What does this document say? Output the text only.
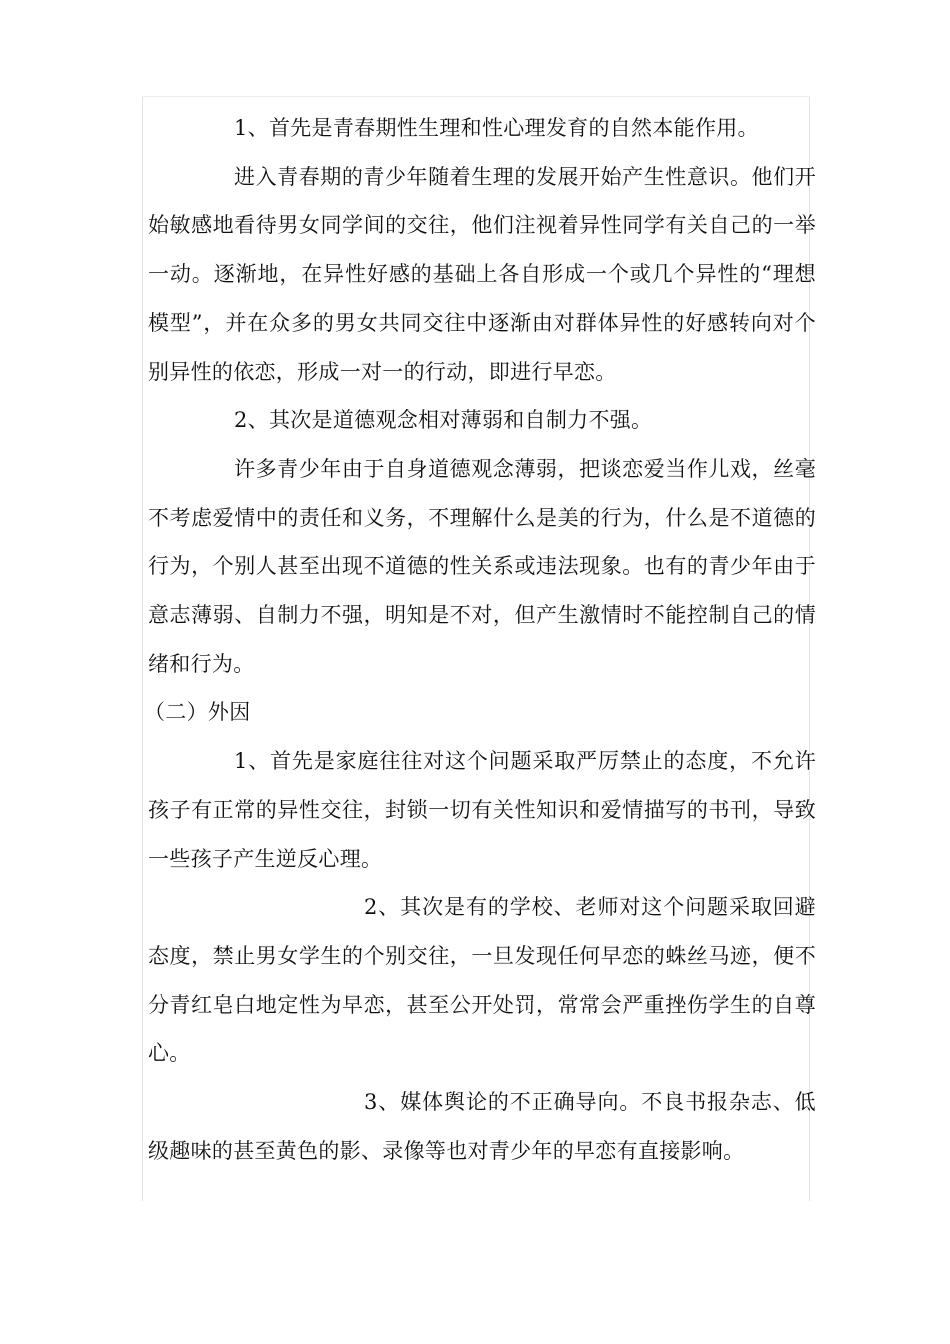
1、首先是青春期性生理和性心理发育的自然本能作用。

进入青春期的青少年随着生理的发展开始产生性意识。他们开始敏感地看待男女同学间的交往，他们注视着异性同学有关自己的一举一动。逐渐地，在异性好感的基础上各自形成一个或几个异性的“理想模型”，并在众多的男女共同交往中逐渐由对群体异性的好感转向对个别异性的依恋，形成一对一的行动，即进行早恋。

2、其次是道德观念相对薄弱和自制力不强。

许多青少年由于自身道德观念薄弱，把谈恋爱当作儿戏，丝毫不考虑爱情中的责任和义务，不理解什么是美的行为，什么是不道德的行为，个别人甚至出现不道德的性关系或违法现象。也有的青少年由于意志薄弱、自制力不强，明知是不对，但产生激情时不能控制自己的情绪和行为。

（二）外因

1、首先是家庭往往对这个问题采取严厉禁止的态度，不允许孩子有正常的异性交往，封锁一切有关性知识和爱情描写的书刊，导致一些孩子产生逆反心理。

2、其次是有的学校、老师对这个问题采取回避态度，禁止男女学生的个别交往，一旦发现任何早恋的蛛丝马迹，便不分青红皂白地定性为早恋，甚至公开处罚，常常会严重挫伤学生的自尊心。

3、媒体舆论的不正确导向。不良书报杂志、低级趣味的甚至黄色的影、录像等也对青少年的早恋有直接影响。
